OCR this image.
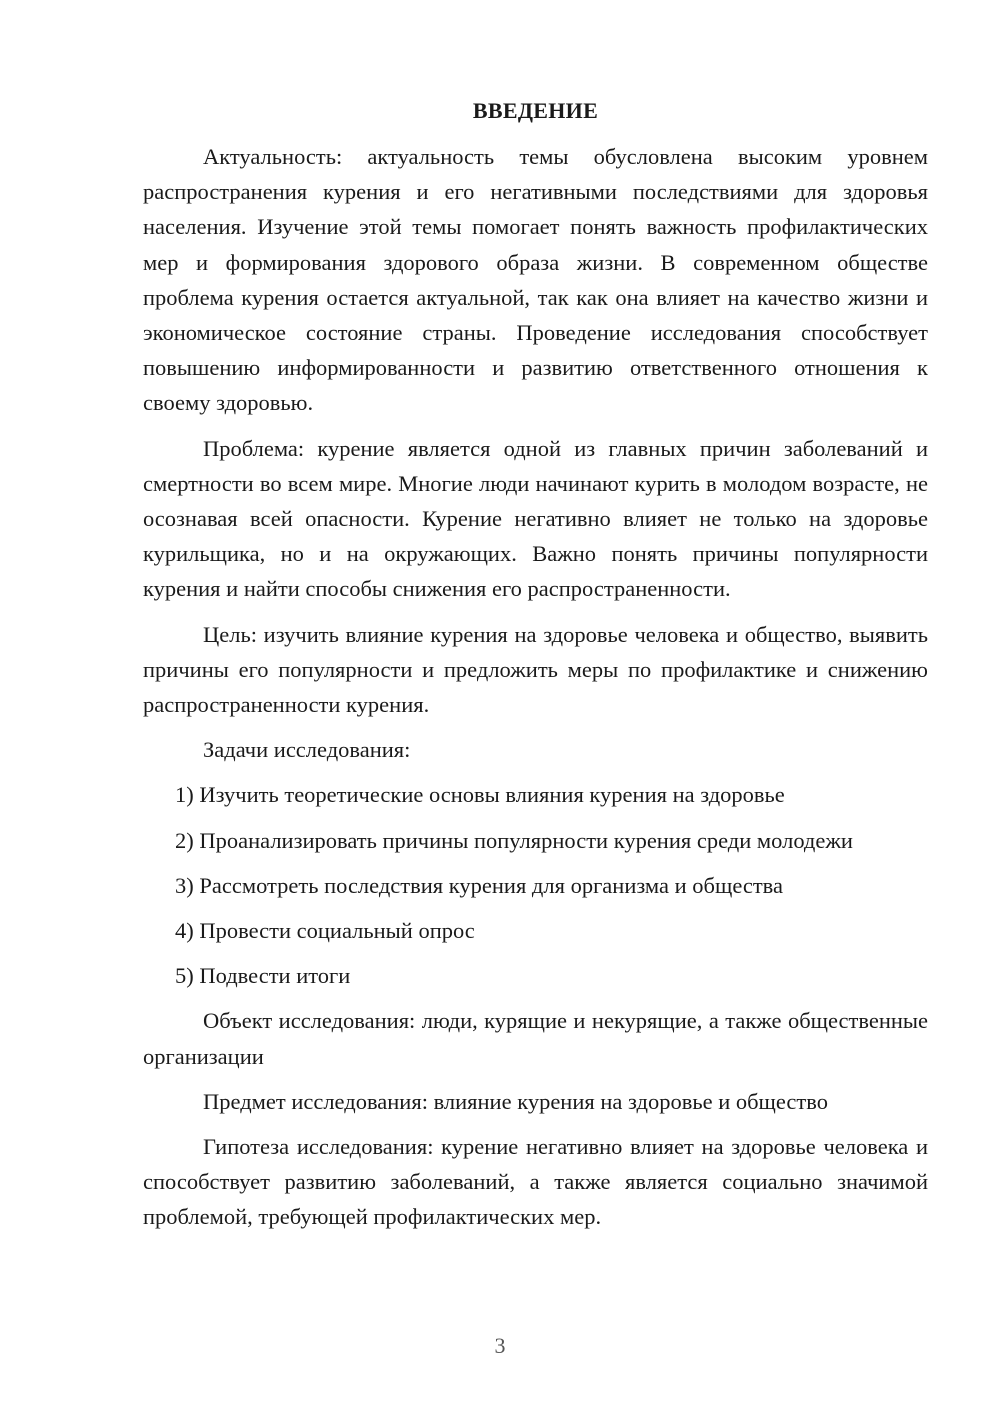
ВВЕДЕНИЕ

Актуальность: актуальность темы обусловлена высоким уровнем распространения курения и его негативными последствиями для здоровья населения. Изучение этой темы помогает понять важность профилактических мер и формирования здорового образа жизни. В современном обществе проблема курения остается актуальной, так как она влияет на качество жизни и экономическое состояние страны. Проведение исследования способствует повышению информированности и развитию ответственного отношения к своему здоровью.

Проблема: курение является одной из главных причин заболеваний и смертности во всем мире. Многие люди начинают курить в молодом возрасте, не осознавая всей опасности. Курение негативно влияет не только на здоровье курильщика, но и на окружающих. Важно понять причины популярности курения и найти способы снижения его распространенности.

Цель: изучить влияние курения на здоровье человека и общество, выявить причины его популярности и предложить меры по профилактике и снижению распространенности курения.

Задачи исследования:

1) Изучить теоретические основы влияния курения на здоровье
2) Проанализировать причины популярности курения среди молодежи
3) Рассмотреть последствия курения для организма и общества
4) Провести социальный опрос
5) Подвести итоги

Объект исследования: люди, курящие и некурящие, а также общественные организации

Предмет исследования: влияние курения на здоровье и общество

Гипотеза исследования: курение негативно влияет на здоровье человека и способствует развитию заболеваний, а также является социально значимой проблемой, требующей профилактических мер.

3
